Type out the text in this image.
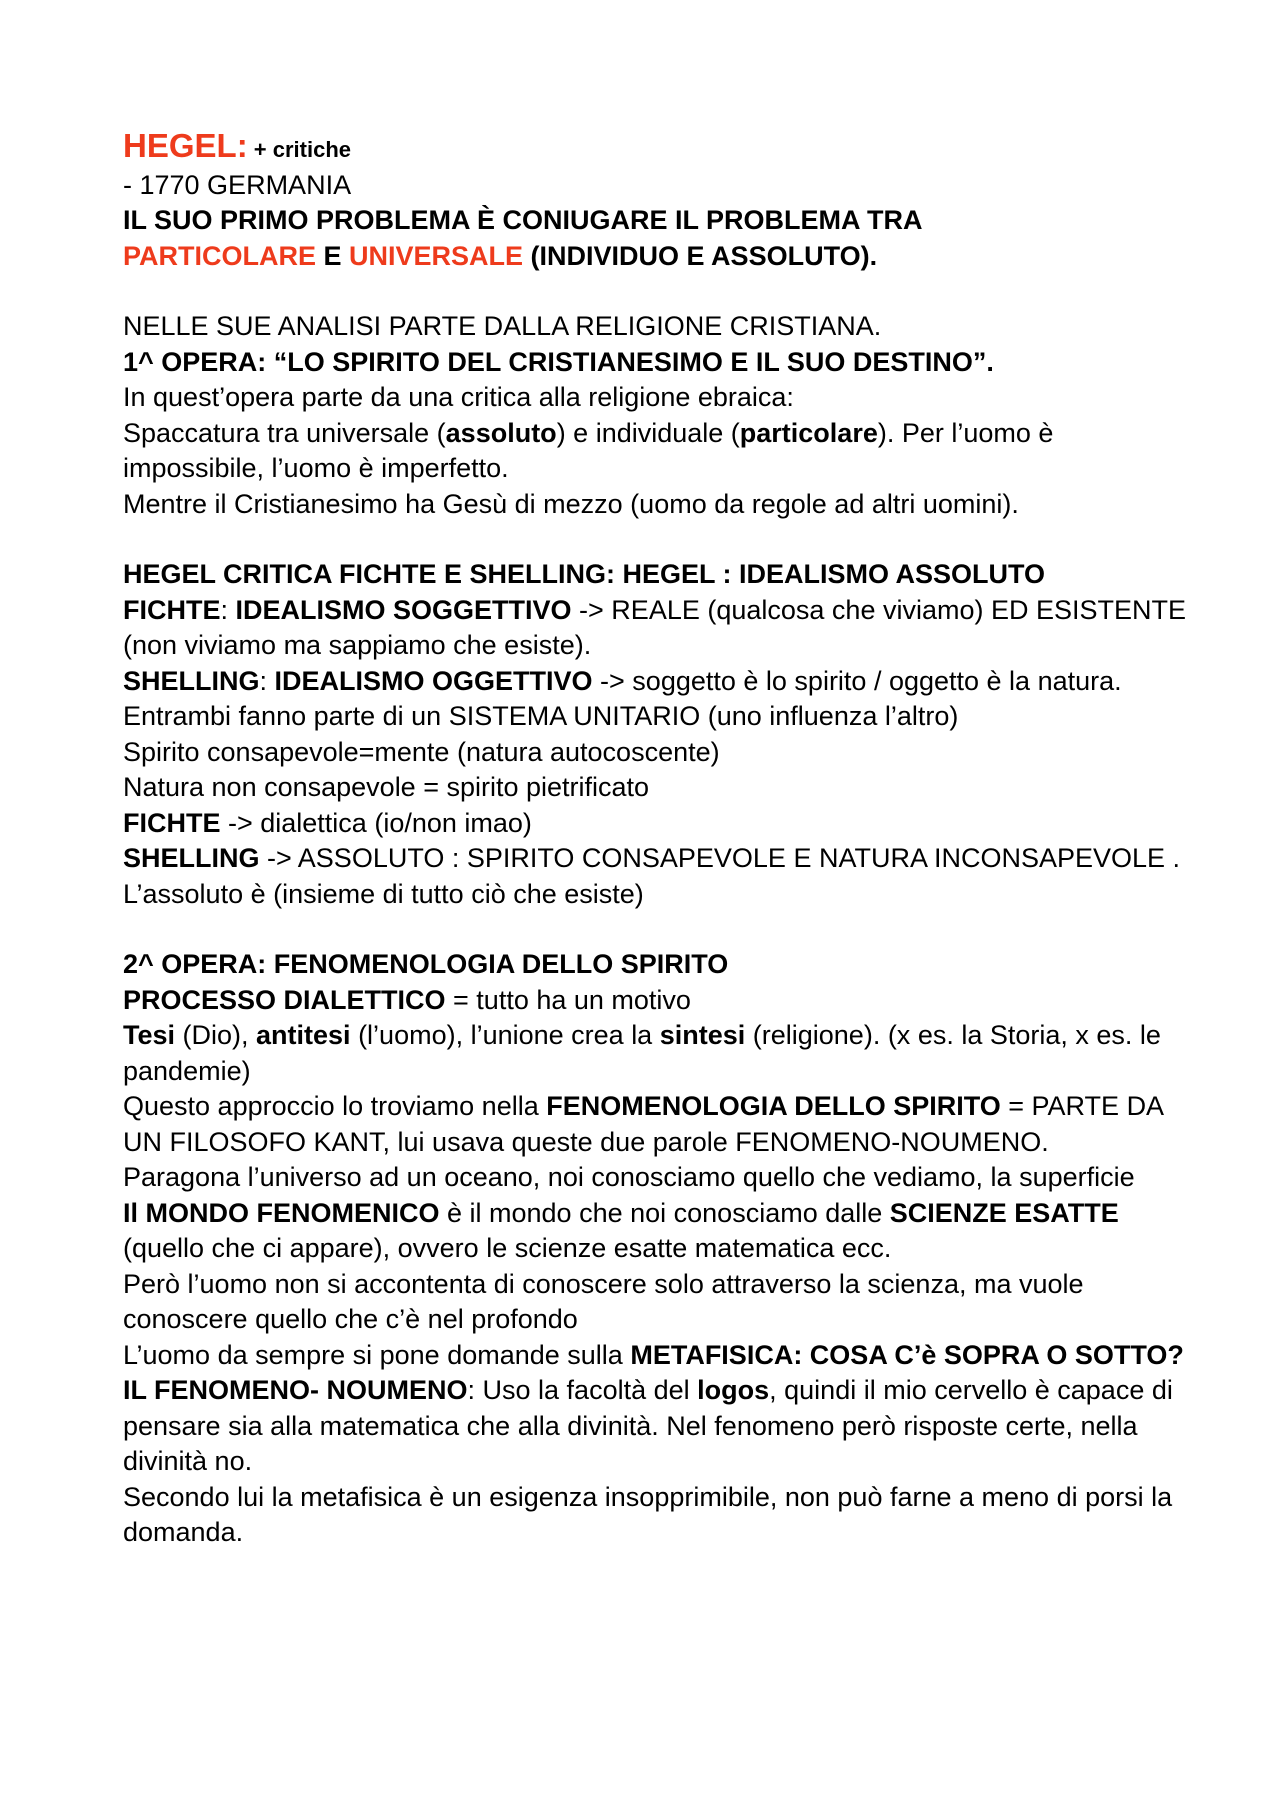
HEGEL: + critiche

- 1770 GERMANIA

IL SUO PRIMO PROBLEMA È CONIUGARE IL PROBLEMA TRA
PARTICOLARE E UNIVERSALE (INDIVIDUO E ASSOLUTO).

NELLE SUE ANALISI PARTE DALLA RELIGIONE CRISTIANA.

1^ OPERA: “LO SPIRITO DEL CRISTIANESIMO E IL SUO DESTINO”.

In quest’opera parte da una critica alla religione ebraica:

Spaccatura tra universale (assoluto) e individuale (particolare). Per l’uomo è impossibile, l’uomo è imperfetto.

Mentre il Cristianesimo ha Gesù di mezzo (uomo da regole ad altri uomini).

HEGEL CRITICA FICHTE E SHELLING: HEGEL : IDEALISMO ASSOLUTO

FICHTE: IDEALISMO SOGGETTIVO -> REALE (qualcosa che viviamo) ED ESISTENTE (non viviamo ma sappiamo che esiste).

SHELLING: IDEALISMO OGGETTIVO -> soggetto è lo spirito / oggetto è la natura. Entrambi fanno parte di un SISTEMA UNITARIO (uno influenza l’altro)

Spirito consapevole=mente (natura autocoscente)

Natura non consapevole = spirito pietrificato

FICHTE -> dialettica (io/non imao)

SHELLING -> ASSOLUTO : SPIRITO CONSAPEVOLE E NATURA INCONSAPEVOLE . L’assoluto è (insieme di tutto ciò che esiste)

2^ OPERA: FENOMENOLOGIA DELLO SPIRITO

PROCESSO DIALETTICO = tutto ha un motivo

Tesi (Dio), antitesi (l’uomo), l’unione crea la sintesi (religione). (x es. la Storia, x es. le pandemie)

Questo approccio lo troviamo nella FENOMENOLOGIA DELLO SPIRITO = PARTE DA UN FILOSOFO KANT, lui usava queste due parole FENOMENO-NOUMENO.

Paragona l’universo ad un oceano, noi conosciamo quello che vediamo, la superficie

Il MONDO FENOMENICO è il mondo che noi conosciamo dalle SCIENZE ESATTE (quello che ci appare), ovvero le scienze esatte matematica ecc.

Però l’uomo non si accontenta di conoscere solo attraverso la scienza, ma vuole conoscere quello che c’è nel profondo

L’uomo da sempre si pone domande sulla METAFISICA: COSA C’è SOPRA O SOTTO?

IL FENOMENO- NOUMENO: Uso la facoltà del logos, quindi il mio cervello è capace di pensare sia alla matematica che alla divinità. Nel fenomeno però risposte certe, nella divinità no.

Secondo lui la metafisica è un esigenza insopprimibile, non può farne a meno di porsi la domanda.
